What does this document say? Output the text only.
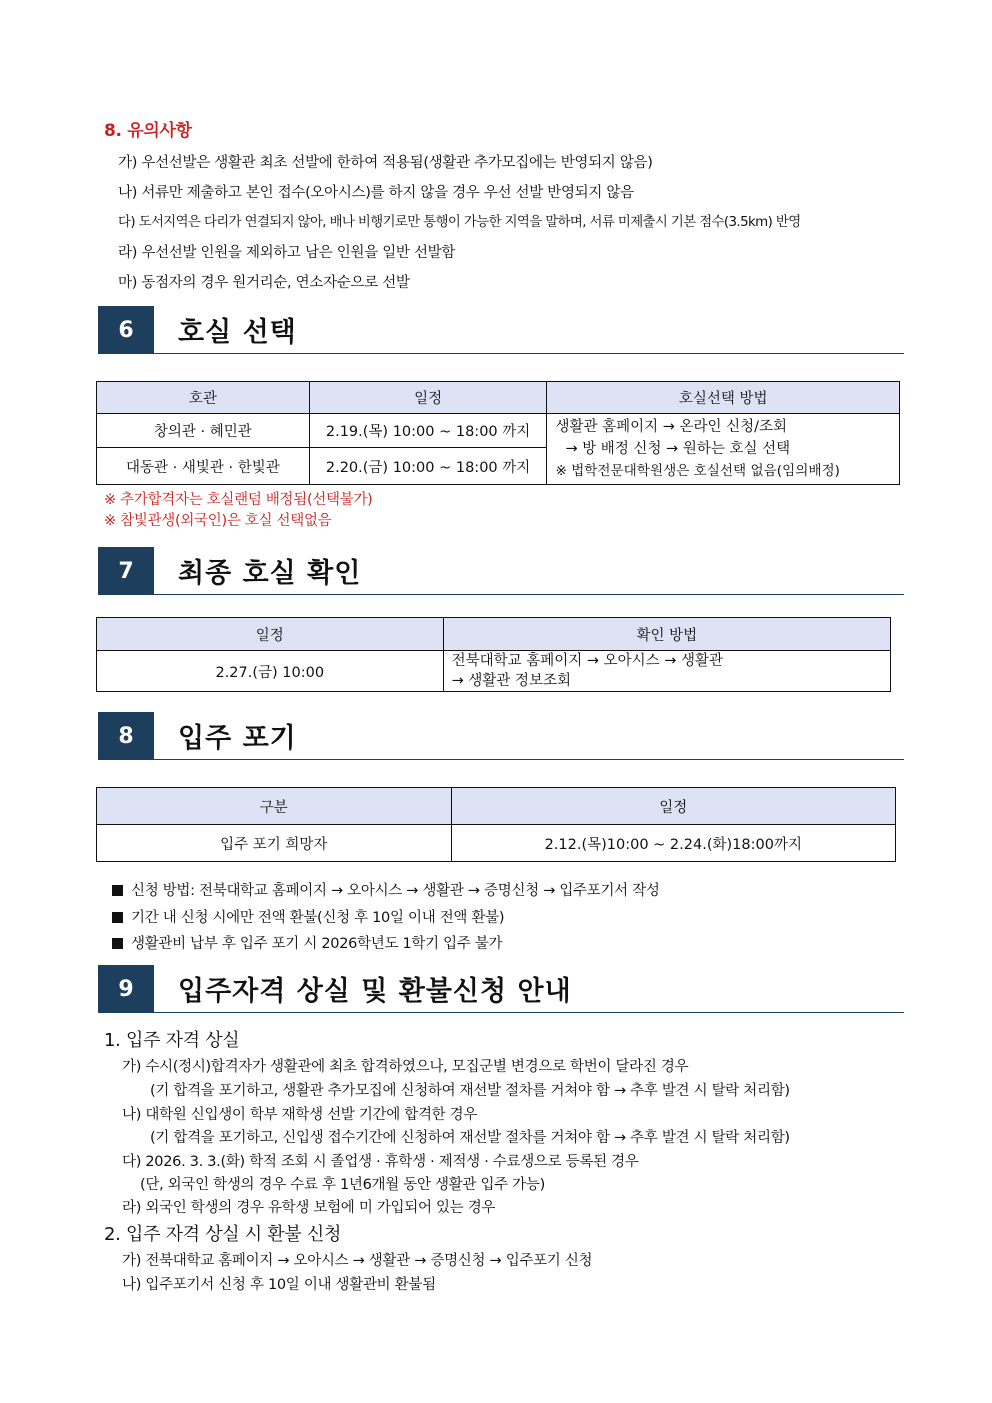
8. 유의사항
가) 우선선발은 생활관 최초 선발에 한하여 적용됨(생활관 추가모집에는 반영되지 않음)
나) 서류만 제출하고 본인 접수(오아시스)를 하지 않을 경우 우선 선발 반영되지 않음
다) 도서지역은 다리가 연결되지 않아, 배나 비행기로만 통행이 가능한 지역을 말하며, 서류 미제출시 기본 점수(3.5km) 반영
라) 우선선발 인원을 제외하고 남은 인원을 일반 선발함
마) 동점자의 경우 원거리순, 연소자순으로 선발
6	호실 선택
호관	일정	호실선택 방법
창의관 · 혜민관	2.19.(목) 10:00 ~ 18:00 까지	생활관 홈페이지 → 온라인 신청/조회
→ 방 배정 신청 → 원하는 호실 선택
※ 법학전문대학원생은 호실선택 없음(임의배정)

대동관 · 새빛관 · 한빛관	2.20.(금) 10:00 ~ 18:00 까지	
※ 추가합격자는 호실랜덤 배정됨(선택불가)
※ 참빛관생(외국인)은 호실 선택없음
7	최종 호실 확인
일정	확인 방법
2.27.(금) 10:00	전북대학교 홈페이지 → 오아시스 → 생활관
→ 생활관 정보조회
8	입주 포기
구분	일정
입주 포기 희망자	2.12.(목)10:00 ~ 2.24.(화)18:00까지
신청 방법: 전북대학교 홈페이지 → 오아시스 → 생활관 → 증명신청 → 입주포기서 작성
기간 내 신청 시에만 전액 환불(신청 후 10일 이내 전액 환불)
생활관비 납부 후 입주 포기 시 2026학년도 1학기 입주 불가
9	입주자격 상실 및 환불신청 안내
1. 입주 자격 상실
가) 수시(정시)합격자가 생활관에 최초 합격하였으나, 모집군별 변경으로 학번이 달라진 경우
(기 합격을 포기하고, 생활관 추가모집에 신청하여 재선발 절차를 거쳐야 함 → 추후 발견 시 탈락 처리함)
나) 대학원 신입생이 학부 재학생 선발 기간에 합격한 경우
(기 합격을 포기하고, 신입생 접수기간에 신청하여 재선발 절차를 거쳐야 함 → 추후 발견 시 탈락 처리함)
다) 2026. 3. 3.(화) 학적 조회 시 졸업생 · 휴학생 · 제적생 · 수료생으로 등록된 경우
(단, 외국인 학생의 경우 수료 후 1년6개월 동안 생활관 입주 가능)
라) 외국인 학생의 경우 유학생 보험에 미 가입되어 있는 경우
2. 입주 자격 상실 시 환불 신청
가) 전북대학교 홈페이지 → 오아시스 → 생활관 → 증명신청 → 입주포기 신청
나) 입주포기서 신청 후 10일 이내 생활관비 환불됨
